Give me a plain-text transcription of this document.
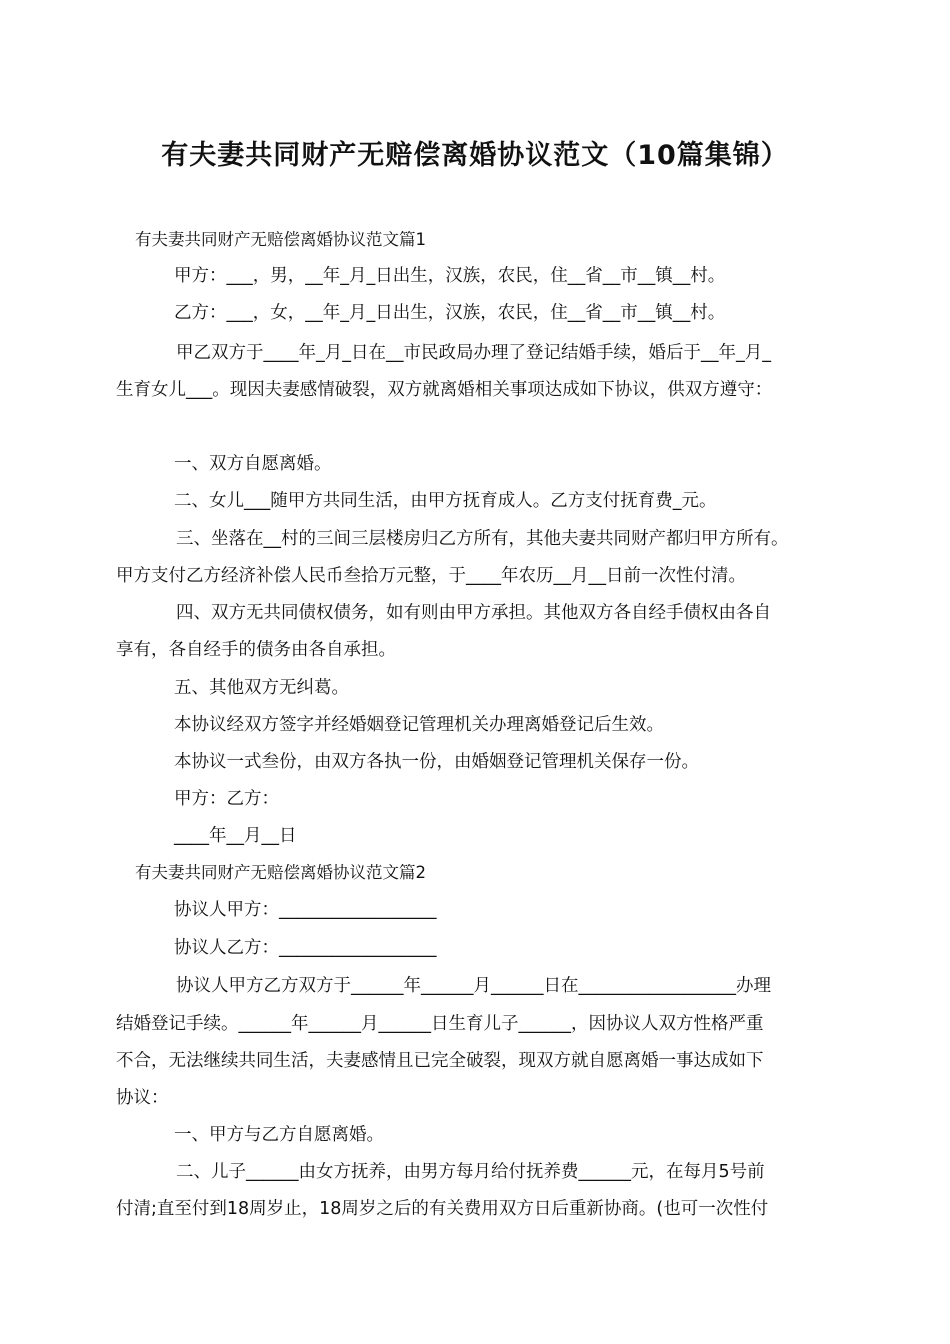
有夫妻共同财产无赔偿离婚协议范文（10篇集锦）

有夫妻共同财产无赔偿离婚协议范文篇1

甲方：___，男，__年_月_日出生，汉族，农民，住__省__市__镇__村。

乙方：___，女，__年_月_日出生，汉族，农民，住__省__市__镇__村。

甲乙双方于____年_月_日在__市民政局办理了登记结婚手续，婚后于__年_月_

生育女儿___。现因夫妻感情破裂，双方就离婚相关事项达成如下协议，供双方遵守：

一、双方自愿离婚。

二、女儿___随甲方共同生活，由甲方抚育成人。乙方支付抚育费_元。

三、坐落在__村的三间三层楼房归乙方所有，其他夫妻共同财产都归甲方所有。

甲方支付乙方经济补偿人民币叁拾万元整，于____年农历__月__日前一次性付清。

四、双方无共同债权债务，如有则由甲方承担。其他双方各自经手债权由各自

享有，各自经手的债务由各自承担。

五、其他双方无纠葛。

本协议经双方签字并经婚姻登记管理机关办理离婚登记后生效。

本协议一式叁份，由双方各执一份，由婚姻登记管理机关保存一份。

甲方：乙方：

____年__月__日

有夫妻共同财产无赔偿离婚协议范文篇2

协议人甲方：__________________

协议人乙方：__________________

协议人甲方乙方双方于______年______月______日在__________________办理

结婚登记手续。______年______月______日生育儿子______，因协议人双方性格严重

不合，无法继续共同生活，夫妻感情且已完全破裂，现双方就自愿离婚一事达成如下

协议：

一、甲方与乙方自愿离婚。

二、儿子______由女方抚养，由男方每月给付抚养费______元，在每月5号前

付清;直至付到18周岁止，18周岁之后的有关费用双方日后重新协商。(也可一次性付
